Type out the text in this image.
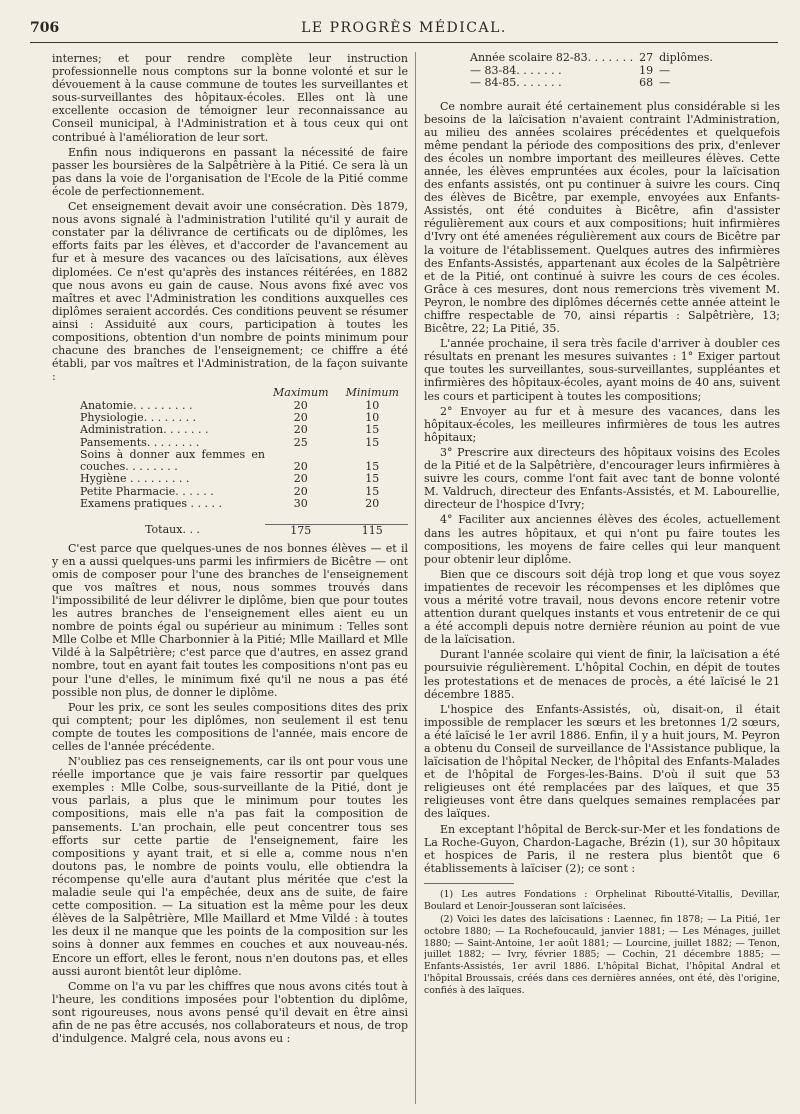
706	LE PROGRÈS MÉDICAL.

internes; et pour rendre complète leur instruction professionnelle nous comptons sur la bonne volonté et sur le dévouement à la cause commune de toutes les surveillantes et sous-surveillantes des hôpitaux-écoles. Elles ont là une excellente occasion de témoigner leur reconnaissance au Conseil municipal, à l'Administration et à tous ceux qui ont contribué à l'amélioration de leur sort.

Enfin nous indiquerons en passant la nécessité de faire passer les boursières de la Salpêtrière à la Pitié. Ce sera là un pas dans la voie de l'organisation de l'Ecole de la Pitié comme école de perfectionnement.

Cet enseignement devait avoir une consécration. Dès 1879, nous avons signalé à l'administration l'utilité qu'il y aurait de constater par la délivrance de certificats ou de diplômes, les efforts faits par les élèves, et d'accorder de l'avancement au fur et à mesure des vacances ou des laïcisations, aux élèves diplomées. Ce n'est qu'après des instances réitérées, en 1882 que nous avons eu gain de cause. Nous avons fixé avec vos maîtres et avec l'Administration les conditions auxquelles ces diplômes seraient accordés. Ces conditions peuvent se résumer ainsi : Assiduité aux cours, participation à toutes les compositions, obtention d'un nombre de points minimum pour chacune des branches de l'enseignement; ce chiffre a été établi, par vos maîtres et l'Administration, de la façon suivante :

	Maximum	Minimum
Anatomie. . . . . . . . .	20	10
Physiologie. . . . . . . .	20	10
Administration. . . . . . .	20	15
Pansements. . . . . . . .	25	15
Soins à donner aux femmes en couches. . . . . . . .	20	15
Hygiène . . . . . . . . .	20	15
Petite Pharmacie. . . . . .	20	15
Examens pratiques . . . . .	30	20
Totaux. . .	175	115

C'est parce que quelques-unes de nos bonnes élèves — et il y en a aussi quelques-uns parmi les infirmiers de Bicêtre — ont omis de composer pour l'une des branches de l'enseignement que vos maîtres et nous, nous sommes trouvés dans l'impossibilité de leur délivrer le diplôme, bien que pour toutes les autres branches de l'enseignement elles aient eu un nombre de points égal ou supérieur au minimum : Telles sont Mlle Colbe et Mlle Charbonnier à la Pitié; Mlle Maillard et Mlle Vildé à la Salpêtrière; c'est parce que d'autres, en assez grand nombre, tout en ayant fait toutes les compositions n'ont pas eu pour l'une d'elles, le minimum fixé qu'il ne nous a pas été possible non plus, de donner le diplôme.

Pour les prix, ce sont les seules compositions dites des prix qui comptent; pour les diplômes, non seulement il est tenu compte de toutes les compositions de l'année, mais encore de celles de l'année précédente.

N'oubliez pas ces renseignements, car ils ont pour vous une réelle importance que je vais faire ressortir par quelques exemples : Mlle Colbe, sous-surveillante de la Pitié, dont je vous parlais, a plus que le minimum pour toutes les compositions, mais elle n'a pas fait la composition de pansements. L'an prochain, elle peut concentrer tous ses efforts sur cette partie de l'enseignement, faire les compositions y ayant trait, et si elle a, comme nous n'en doutons pas, le nombre de points voulu, elle obtiendra la récompense qu'elle aura d'autant plus méritée que c'est la maladie seule qui l'a empêchée, deux ans de suite, de faire cette composition. — La situation est la même pour les deux élèves de la Salpêtrière, Mlle Maillard et Mme Vildé : à toutes les deux il ne manque que les points de la composition sur les soins à donner aux femmes en couches et aux nouveau-nés. Encore un effort, elles le feront, nous n'en doutons pas, et elles aussi auront bientôt leur diplôme.

Comme on l'a vu par les chiffres que nous avons cités tout à l'heure, les conditions imposées pour l'obtention du diplôme, sont rigoureuses, nous avons pensé qu'il devait en être ainsi afin de ne pas être accusés, nos collaborateurs et nous, de trop d'indulgence. Malgré cela, nous avons eu :

Année scolaire 82-83. . . . . . .	27	diplômes.
— 83-84. . . . . . .	19	—
— 84-85. . . . . . .	68	—

Ce nombre aurait été certainement plus considérable si les besoins de la laïcisation n'avaient contraint l'Administration, au milieu des années scolaires précédentes et quelquefois même pendant la période des compositions des prix, d'enlever des écoles un nombre important des meilleures élèves. Cette année, les élèves empruntées aux écoles, pour la laïcisation des enfants assistés, ont pu continuer à suivre les cours. Cinq des élèves de Bicêtre, par exemple, envoyées aux Enfants-Assistés, ont été conduites à Bicêtre, afin d'assister régulièrement aux cours et aux compositions; huit infirmières d'Ivry ont été amenées régulièrement aux cours de Bicêtre par la voiture de l'établissement. Quelques autres des infirmières des Enfants-Assistés, appartenant aux écoles de la Salpêtrière et de la Pitié, ont continué à suivre les cours de ces écoles. Grâce à ces mesures, dont nous remercions très vivement M. Peyron, le nombre des diplômes décernés cette année atteint le chiffre respectable de 70, ainsi répartis : Salpêtrière, 13; Bicêtre, 22; La Pitié, 35.

L'année prochaine, il sera très facile d'arriver à doubler ces résultats en prenant les mesures suivantes : 1° Exiger partout que toutes les surveillantes, sous-surveillantes, suppléantes et infirmières des hôpitaux-écoles, ayant moins de 40 ans, suivent les cours et participent à toutes les compositions;

2° Envoyer au fur et à mesure des vacances, dans les hôpitaux-écoles, les meilleures infirmières de tous les autres hôpitaux;

3° Prescrire aux directeurs des hôpitaux voisins des Ecoles de la Pitié et de la Salpêtrière, d'encourager leurs infirmières à suivre les cours, comme l'ont fait avec tant de bonne volonté M. Valdruch, directeur des Enfants-Assistés, et M. Labourellie, directeur de l'hospice d'Ivry;

4° Faciliter aux anciennes élèves des écoles, actuellement dans les autres hôpitaux, et qui n'ont pu faire toutes les compositions, les moyens de faire celles qui leur manquent pour obtenir leur diplôme.

Bien que ce discours soit déjà trop long et que vous soyez impatientes de recevoir les récompenses et les diplômes que vous a mérité votre travail, nous devons encore retenir votre attention durant quelques instants et vous entretenir de ce qui a été accompli depuis notre dernière réunion au point de vue de la laïcisation.

Durant l'année scolaire qui vient de finir, la laïcisation a été poursuivie régulièrement. L'hôpital Cochin, en dépit de toutes les protestations et de menaces de procès, a été laïcisé le 21 décembre 1885.

L'hospice des Enfants-Assistés, où, disait-on, il était impossible de remplacer les sœurs et les bretonnes 1/2 sœurs, a été laïcisé le 1er avril 1886. Enfin, il y a huit jours, M. Peyron a obtenu du Conseil de surveillance de l'Assistance publique, la laïcisation de l'hôpital Necker, de l'hôpital des Enfants-Malades et de l'hôpital de Forges-les-Bains. D'où il suit que 53 religieuses ont été remplacées par des laïques, et que 35 religieuses vont être dans quelques semaines remplacées par des laïques.

En exceptant l'hôpital de Berck-sur-Mer et les fondations de La Roche-Guyon, Chardon-Lagache, Brézin (1), sur 30 hôpitaux et hospices de Paris, il ne restera plus bientôt que 6 établissements à laïciser (2); ce sont :

(1) Les autres Fondations : Orphelinat Riboutté-Vitallis, Devillar, Boulard et Lenoir-Jousseran sont laïcisées.

(2) Voici les dates des laïcisations : Laennec, fin 1878; — La Pitié, 1er octobre 1880; — La Rochefoucauld, janvier 1881; — Les Ménages, juillet 1880; — Saint-Antoine, 1er août 1881; — Lourcine, juillet 1882; — Tenon, juillet 1882; — Ivry, février 1885; — Cochin, 21 décembre 1885; — Enfants-Assistés, 1er avril 1886. L'hôpital Bichat, l'hôpital Andral et l'hôpital Broussais, créés dans ces dernières années, ont été, dès l'origine, confiés à des laïques.
